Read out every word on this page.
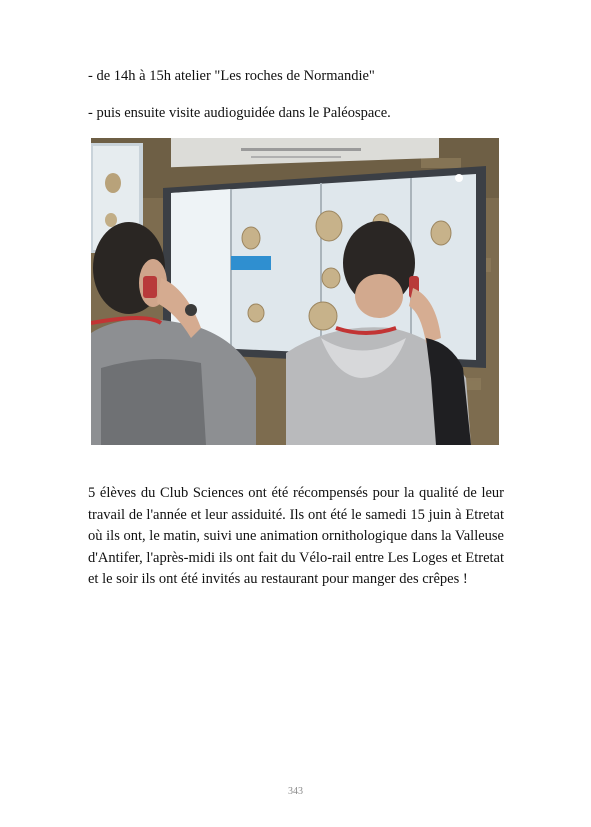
- de 14h à 15h atelier "Les roches de Normandie"
- puis ensuite visite audioguidée dans le Paléospace.

5 élèves du Club Sciences ont été récompensés pour la qualité de leur travail de l'année et leur assiduité. Ils ont été le samedi 15 juin à Etretat où ils ont, le matin, suivi une animation ornithologique dans la Valleuse d'Antifer, l'après-midi ils ont fait du Vélo-rail entre Les Loges et Etretat et le soir ils ont été invités au restaurant pour manger des crêpes !

343
